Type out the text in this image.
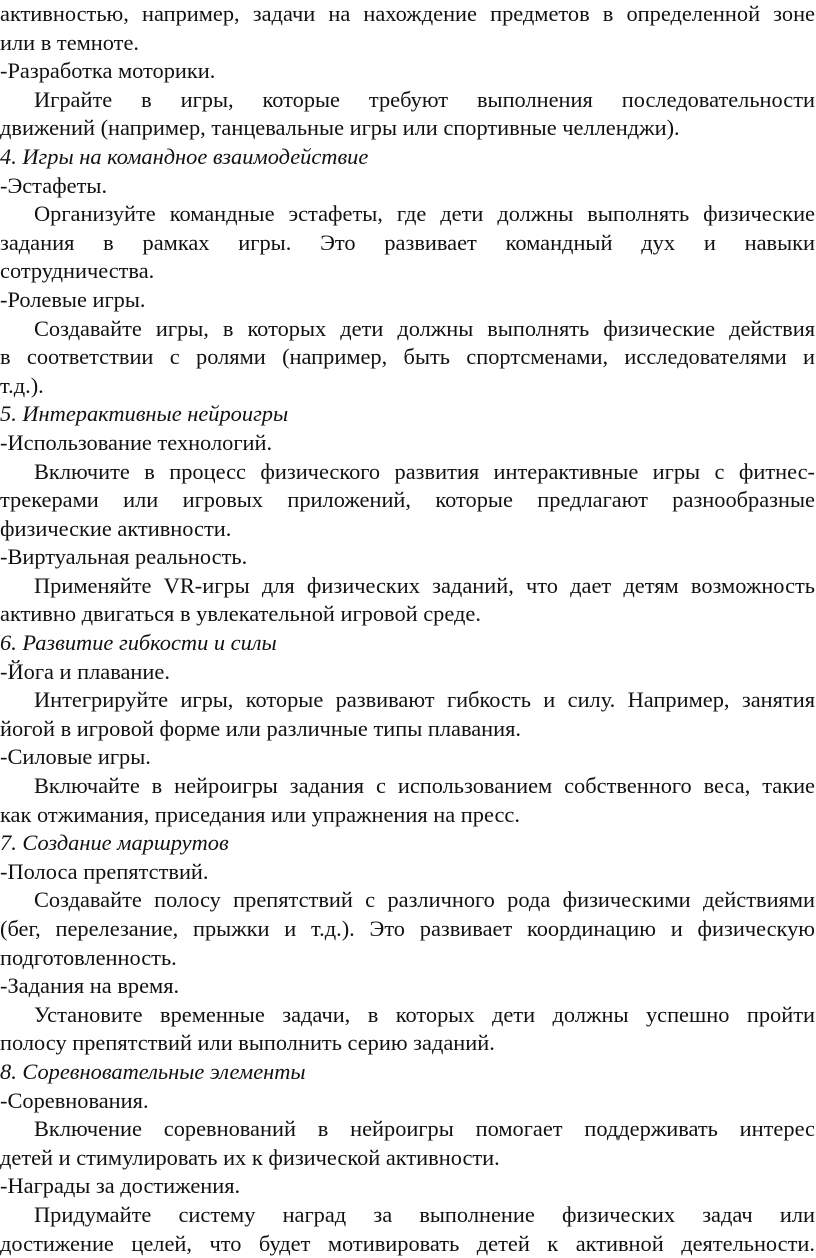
активностью, например, задачи на нахождение предметов в определенной зоне
или в темноте.
-Разработка моторики.
Играйте в игры, которые требуют выполнения последовательности
движений (например, танцевальные игры или спортивные челленджи).
4. Игры на командное взаимодействие
-Эстафеты.
Организуйте командные эстафеты, где дети должны выполнять физические
задания в рамках игры. Это развивает командный дух и навыки
сотрудничества.
-Ролевые игры.
Создавайте игры, в которых дети должны выполнять физические действия
в соответствии с ролями (например, быть спортсменами, исследователями и
т.д.).
5. Интерактивные нейроигры
-Использование технологий.
Включите в процесс физического развития интерактивные игры с фитнес-
трекерами или игровых приложений, которые предлагают разнообразные
физические активности.
-Виртуальная реальность.
Применяйте VR-игры для физических заданий, что дает детям возможность
активно двигаться в увлекательной игровой среде.
6. Развитие гибкости и силы
-Йога и плавание.
Интегрируйте игры, которые развивают гибкость и силу. Например, занятия
йогой в игровой форме или различные типы плавания.
-Силовые игры.
Включайте в нейроигры задания с использованием собственного веса, такие
как отжимания, приседания или упражнения на пресс.
7. Создание маршрутов
-Полоса препятствий.
Создавайте полосу препятствий с различного рода физическими действиями
(бег, перелезание, прыжки и т.д.). Это развивает координацию и физическую
подготовленность.
-Задания на время.
Установите временные задачи, в которых дети должны успешно пройти
полосу препятствий или выполнить серию заданий.
8. Соревновательные элементы
-Соревнования.
Включение соревнований в нейроигры помогает поддерживать интерес
детей и стимулировать их к физической активности.
-Награды за достижения.
Придумайте систему наград за выполнение физических задач или
достижение целей, что будет мотивировать детей к активной деятельности.
